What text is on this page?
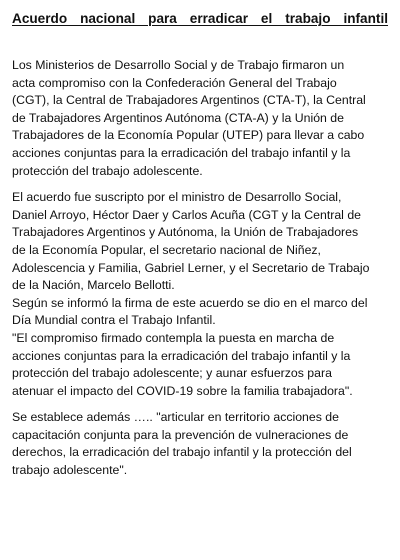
Acuerdo nacional para erradicar el trabajo infantil
Los Ministerios de Desarrollo Social y de Trabajo firmaron un
acta compromiso con la Confederación General del Trabajo
(CGT), la Central de Trabajadores Argentinos (CTA-T), la Central
de Trabajadores Argentinos Autónoma (CTA-A) y la Unión de
Trabajadores de la Economía Popular (UTEP) para llevar a cabo
acciones conjuntas para la erradicación del trabajo infantil y la
protección del trabajo adolescente.
El acuerdo fue suscripto por el ministro de Desarrollo Social,
Daniel Arroyo, Héctor Daer y Carlos Acuña (CGT y la Central de
Trabajadores Argentinos y Autónoma, la Unión de Trabajadores
de la Economía Popular, el secretario nacional de Niñez,
Adolescencia y Familia, Gabriel Lerner, y el Secretario de Trabajo
de la Nación, Marcelo Bellotti.
Según se informó la firma de este acuerdo se dio en el marco del
Día Mundial contra el Trabajo Infantil.
"El compromiso firmado contempla la puesta en marcha de
acciones conjuntas para la erradicación del trabajo infantil y la
protección del trabajo adolescente; y aunar esfuerzos para
atenuar el impacto del COVID-19 sobre la familia trabajadora".
Se establece además ….. "articular en territorio acciones de
capacitación conjunta para la prevención de vulneraciones de
derechos, la erradicación del trabajo infantil y la protección del
trabajo adolescente".
